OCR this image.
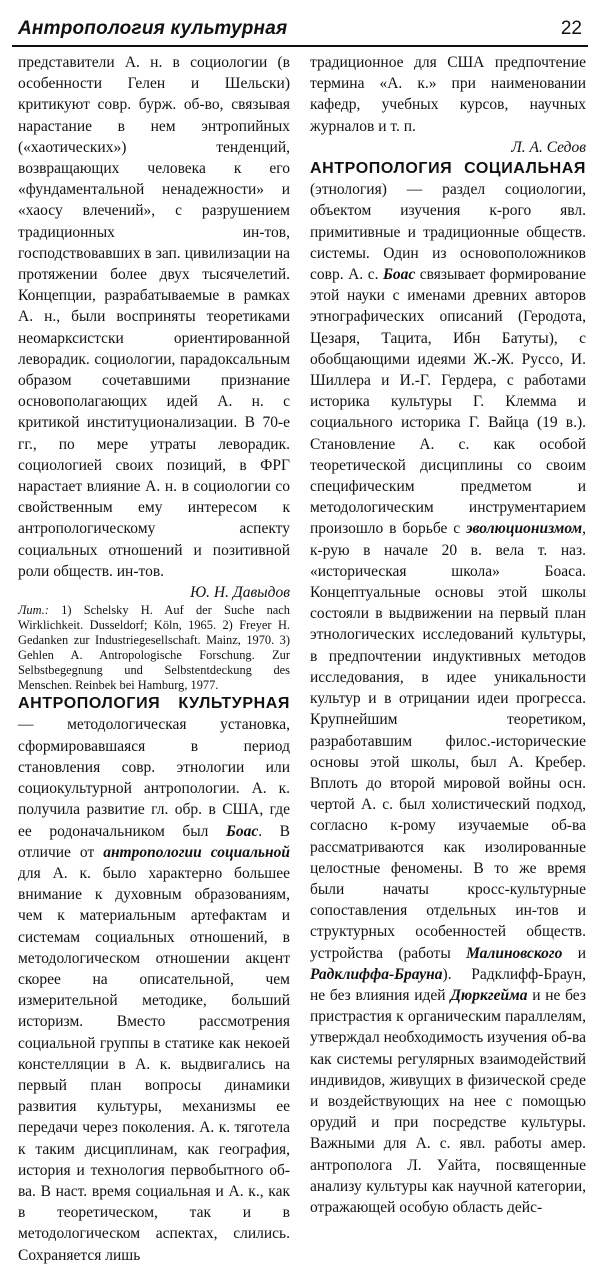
Антропология культурная	22

представители А. н. в социологии (в особенности Гелен и Шельски) критикуют совр. бурж. об-во, связывая нарастание в нем энтропийных («хаотических») тенденций, возвращающих человека к его «фундаментальной ненадежности» и «хаосу влечений», с разрушением традиционных ин-тов, господствовавших в зап. цивилизации на протяжении более двух тысячелетий. Концепции, разрабатываемые в рамках А. н., были восприняты теоретиками неомарксистски ориентированной леворадик. социологии, парадоксальным образом сочетавшими признание основополагающих идей А. н. с критикой институционализации. В 70-е гг., по мере утраты леворадик. социологией своих позиций, в ФРГ нарастает влияние А. н. в социологии со свойственным ему интересом к антропологическому аспекту социальных отношений и позитивной роли обществ. ин-тов.

Ю. Н. Давыдов

Лит.: 1) Schelsky H. Auf der Suche nach Wirklichkeit. Dusseldorf; Köln, 1965. 2) Freyer H. Gedanken zur Industriegesellschaft. Mainz, 1970. 3) Gehlen A. Antropologische Forschung. Zur Selbstbegegnung und Selbstentdeckung des Menschen. Reinbek bei Hamburg, 1977.

АНТРОПОЛОГИЯ КУЛЬТУРНАЯ— методологическая установка, сформировавшаяся в период становления совр. этнологии или социокультурной антропологии. А. к. получила развитие гл. обр. в США, где ее родоначальником был Боас. В отличие от антропологии социальной для А. к. было характерно большее внимание к духовным образованиям, чем к материальным артефактам и системам социальных отношений, в методологическом отношении акцент скорее на описательной, чем измерительной методике, больший историзм. Вместо рассмотрения социальной группы в статике как некоей констелляции в А. к. выдвигались на первый план вопросы динамики развития культуры, механизмы ее передачи через поколения. А. к. тяготела к таким дисциплинам, как география, история и технология первобытного об-ва. В наст. время социальная и А. к., как в теоретическом, так и в методологическом аспектах, слились. Сохраняется лишь

традиционное для США предпочтение термина «А. к.» при наименовании кафедр, учебных курсов, научных журналов и т. п.

Л. А. Седов

АНТРОПОЛОГИЯ СОЦИАЛЬНАЯ (этнология) — раздел социологии, объектом изучения к-рого явл. примитивные и традиционные обществ. системы. Один из основоположников совр. А. с. Боас связывает формирование этой науки с именами древних авторов этнографических описаний (Геродота, Цезаря, Тацита, Ибн Батуты), с обобщающими идеями Ж.-Ж. Руссо, И. Шиллера и И.-Г. Гердера, с работами историка культуры Г. Клемма и социального историка Г. Вайца (19 в.). Становление А. с. как особой теоретической дисциплины со своим специфическим предметом и методологическим инструментарием произошло в борьбе с эволюционизмом, к-рую в начале 20 в. вела т. наз. «историческая школа» Боаса. Концептуальные основы этой школы состояли в выдвижении на первый план этнологических исследований культуры, в предпочтении индуктивных методов исследования, в идее уникальности культур и в отрицании идеи прогресса. Крупнейшим теоретиком, разработавшим филос.-исторические основы этой школы, был А. Кребер. Вплоть до второй мировой войны осн. чертой А. с. был холистический подход, согласно к-рому изучаемые об-ва рассматриваются как изолированные целостные феномены. В то же время были начаты кросс-культурные сопоставления отдельных ин-тов и структурных особенностей обществ. устройства (работы Малиновского и Радклиффа-Брауна). Радклифф-Браун, не без влияния идей Дюркгейма и не без пристрастия к органическим параллелям, утверждал необходимость изучения об-ва как системы регулярных взаимодействий индивидов, живущих в физической среде и воздействующих на нее с помощью орудий и при посредстве культуры. Важными для А. с. явл. работы амер. антрополога Л. Уайта, посвященные анализу культуры как научной категории, отражающей особую область дейс-
